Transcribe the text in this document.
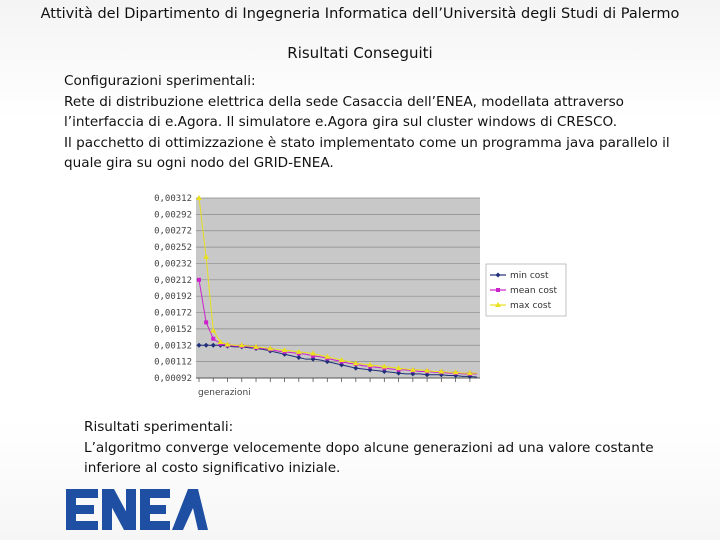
Attività del Dipartimento di Ingegneria Informatica dell’Università degli Studi di Palermo
Risultati Conseguiti
Configurazioni sperimentali:
Rete di distribuzione elettrica della sede Casaccia dell’ENEA, modellata attraverso
l’interfaccia di e.Agora. Il simulatore e.Agora gira sul cluster windows di CRESCO.
Il pacchetto di ottimizzazione è stato implementato come un programma java parallelo il
quale gira su ogni nodo del GRID-ENEA.
0,00312
0,00292
0,00272
0,00252
0,00232
0,00212
0,00192
0,00172
0,00152
0,00132
0,00112
0,00092
generazioni
min cost
mean cost
max cost
Risultati sperimentali:
L’algoritmo converge velocemente dopo alcune generazioni ad una valore costante
inferiore al costo significativo iniziale.
